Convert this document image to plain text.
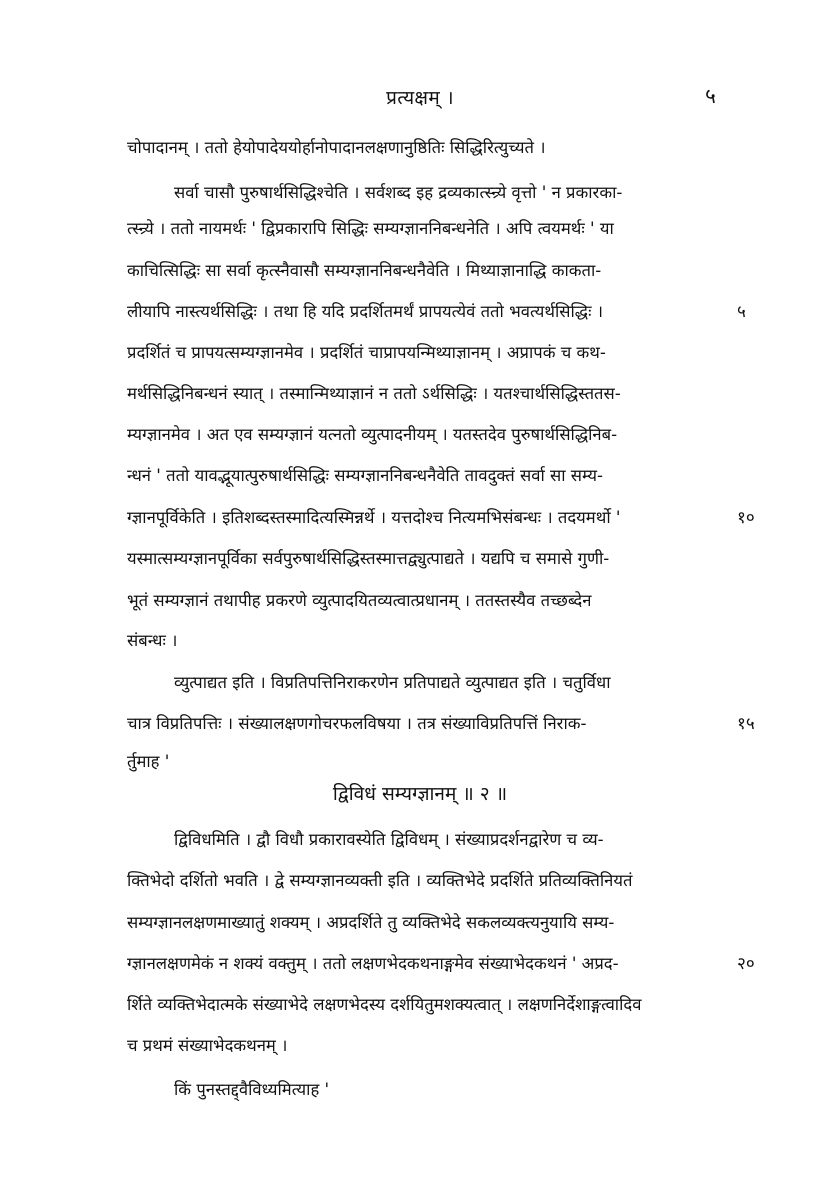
प्रत्यक्षम् ।	५
चोपादानम् । ततो हेयोपादेययोर्हानोपादानलक्षणानुष्ठितिः सिद्धिरित्युच्यते ।
सर्वा चासौ पुरुषार्थसिद्धिश्चेति । सर्वशब्द इह द्रव्यकात्स्न्र्ये वृत्तो ' न प्रकारका-
त्स्न्र्ये । ततो नायमर्थः ' द्विप्रकारापि सिद्धिः सम्यग्ज्ञाननिबन्धनेति । अपि त्वयमर्थः ' या
काचित्सिद्धिः सा सर्वा कृत्स्नैवासौ सम्यग्ज्ञाननिबन्धनैवेति । मिथ्याज्ञानाद्धि काकता-
लीयापि नास्त्यर्थसिद्धिः । तथा हि यदि प्रदर्शितमर्थं प्रापयत्येवं ततो भवत्यर्थसिद्धिः ।	५
प्रदर्शितं च प्रापयत्सम्यग्ज्ञानमेव । प्रदर्शितं चाप्रापयन्मिथ्याज्ञानम् । अप्रापकं च कथ-
मर्थसिद्धिनिबन्धनं स्यात् । तस्मान्मिथ्याज्ञानं न ततो ऽर्थसिद्धिः । यतश्चार्थसिद्धिस्ततस-
म्यग्ज्ञानमेव । अत एव सम्यग्ज्ञानं यत्नतो व्युत्पादनीयम् । यतस्तदेव पुरुषार्थसिद्धिनिब-
न्धनं ' ततो यावद्भूयात्पुरुषार्थसिद्धिः सम्यग्ज्ञाननिबन्धनैवेति तावदुक्तं सर्वा सा सम्य-
ग्ज्ञानपूर्विकेति । इतिशब्दस्तस्मादित्यस्मिन्नर्थे । यत्तदोश्च नित्यमभिसंबन्धः । तदयमर्थो '	१०
यस्मात्सम्यग्ज्ञानपूर्विका सर्वपुरुषार्थसिद्धिस्तस्मात्तद्व्युत्पाद्यते । यद्यपि च समासे गुणी-
भूतं सम्यग्ज्ञानं तथापीह प्रकरणे व्युत्पादयितव्यत्वात्प्रधानम् । ततस्तस्यैव तच्छब्देन
संबन्धः ।
व्युत्पाद्यत इति । विप्रतिपत्तिनिराकरणेन प्रतिपाद्यते व्युत्पाद्यत इति । चतुर्विधा
चात्र विप्रतिपत्तिः । संख्यालक्षणगोचरफलविषया । तत्र संख्याविप्रतिपत्तिं निराक-	१५
र्तुमाह '
द्विविधं सम्यग्ज्ञानम् ॥ २ ॥
द्विविधमिति । द्वौ विधौ प्रकारावस्येति द्विविधम् । संख्याप्रदर्शनद्वारेण च व्य-
क्तिभेदो दर्शितो भवति । द्वे सम्यग्ज्ञानव्यक्ती इति । व्यक्तिभेदे प्रदर्शिते प्रतिव्यक्तिनियतं
सम्यग्ज्ञानलक्षणमाख्यातुं शक्यम् । अप्रदर्शिते तु व्यक्तिभेदे सकलव्यक्त्यनुयायि सम्य-
ग्ज्ञानलक्षणमेकं न शक्यं वक्तुम् । ततो लक्षणभेदकथनाङ्गमेव संख्याभेदकथनं ' अप्रद-	२०
र्शिते व्यक्तिभेदात्मके संख्याभेदे लक्षणभेदस्य दर्शयितुमशक्यत्वात् । लक्षणनिर्देशाङ्गत्वादिव
च प्रथमं संख्याभेदकथनम् ।
किं पुनस्तद्द्वैविध्यमित्याह '
